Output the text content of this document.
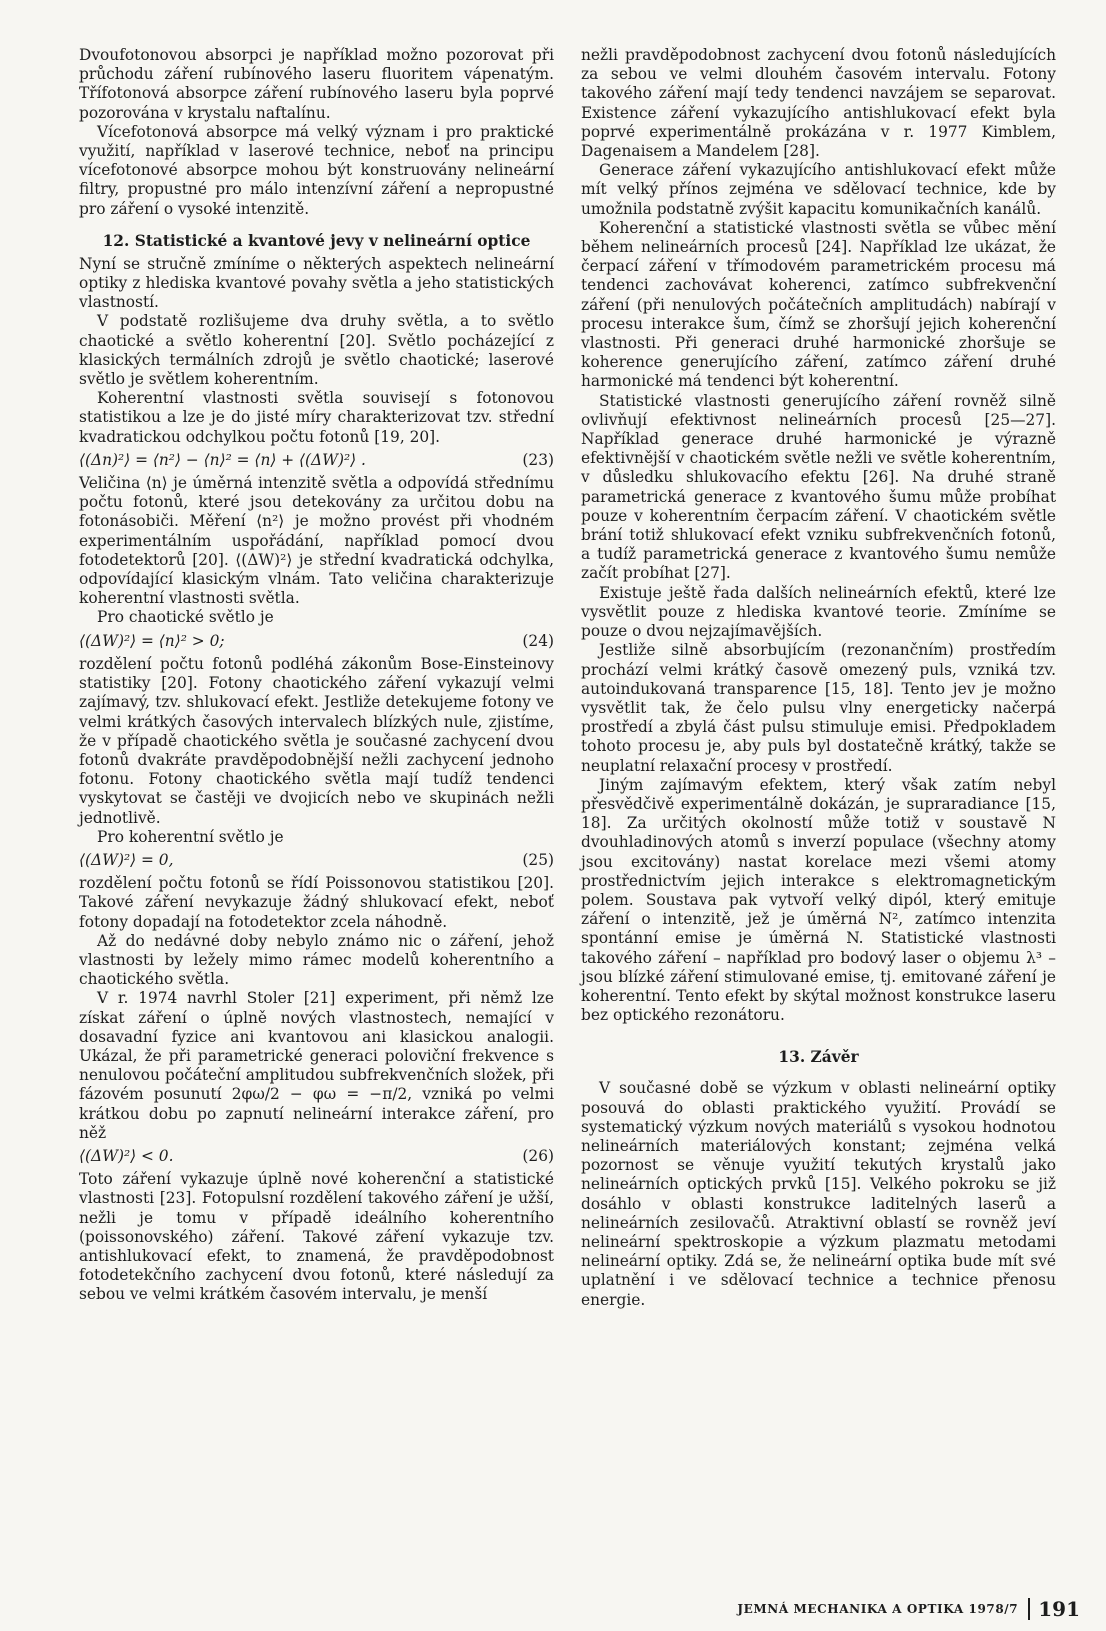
Dvoufotonovou absorpci je například možno pozorovat při průchodu záření rubínového laseru fluoritem vápenatým. Třífotonová absorpce záření rubínového laseru byla poprvé pozorována v krystalu naftalínu.

Vícefotonová absorpce má velký význam i pro praktické využití, například v laserové technice, neboť na principu vícefotonové absorpce mohou být konstruovány nelineární filtry, propustné pro málo intenzívní záření a nepropustné pro záření o vysoké intenzitě.

12. Statistické a kvantové jevy v nelineární optice

Nyní se stručně zmíníme o některých aspektech nelineární optiky z hlediska kvantové povahy světla a jeho statistických vlastností.

V podstatě rozlišujeme dva druhy světla, a to světlo chaotické a světlo koherentní [20]. Světlo pocházející z klasických termálních zdrojů je světlo chaotické; laserové světlo je světlem koherentním.

Koherentní vlastnosti světla souvisejí s fotonovou statistikou a lze je do jisté míry charakterizovat tzv. střední kvadratickou odchylkou počtu fotonů [19, 20].

⟨(Δn)²⟩ = ⟨n²⟩ − ⟨n⟩² = ⟨n⟩ + ⟨(ΔW)²⟩ .	(23)

Veličina ⟨n⟩ je úměrná intenzitě světla a odpovídá střednímu počtu fotonů, které jsou detekovány za určitou dobu na fotonásobiči. Měření ⟨n²⟩ je možno provést při vhodném experimentálním uspořádání, například pomocí dvou fotodetektorů [20]. ⟨(ΔW)²⟩ je střední kvadratická odchylka, odpovídající klasickým vlnám. Tato veličina charakterizuje koherentní vlastnosti světla.

Pro chaotické světlo je

⟨(ΔW)²⟩ = ⟨n⟩² > 0;	(24)

rozdělení počtu fotonů podléhá zákonům Bose-Einsteinovy statistiky [20]. Fotony chaotického záření vykazují velmi zajímavý, tzv. shlukovací efekt. Jestliže detekujeme fotony ve velmi krátkých časových intervalech blízkých nule, zjistíme, že v případě chaotického světla je současné zachycení dvou fotonů dvakráte pravděpodobnější nežli zachycení jednoho fotonu. Fotony chaotického světla mají tudíž tendenci vyskytovat se častěji ve dvojicích nebo ve skupinách nežli jednotlivě.

Pro koherentní světlo je

⟨(ΔW)²⟩ = 0,	(25)

rozdělení počtu fotonů se řídí Poissonovou statistikou [20]. Takové záření nevykazuje žádný shlukovací efekt, neboť fotony dopadají na fotodetektor zcela náhodně.

Až do nedávné doby nebylo známo nic o záření, jehož vlastnosti by ležely mimo rámec modelů koherentního a chaotického světla.

V r. 1974 navrhl Stoler [21] experiment, při němž lze získat záření o úplně nových vlastnostech, nemající v dosavadní fyzice ani kvantovou ani klasickou analogii. Ukázal, že při parametrické generaci poloviční frekvence s nenulovou počáteční amplitudou subfrekvenčních složek, při fázovém posunutí 2φω/2 − φω = −π/2, vzniká po velmi krátkou dobu po zapnutí nelineární interakce záření, pro něž

⟨(ΔW)²⟩ < 0.	(26)

Toto záření vykazuje úplně nové koherenční a statistické vlastnosti [23]. Fotopulsní rozdělení takového záření je užší, nežli je tomu v případě ideálního koherentního (poissonovského) záření. Takové záření vykazuje tzv. antishlukovací efekt, to znamená, že pravděpodobnost fotodetekčního zachycení dvou fotonů, které následují za sebou ve velmi krátkém časovém intervalu, je menší

nežli pravděpodobnost zachycení dvou fotonů následujících za sebou ve velmi dlouhém časovém intervalu. Fotony takového záření mají tedy tendenci navzájem se separovat. Existence záření vykazujícího antishlukovací efekt byla poprvé experimentálně prokázána v r. 1977 Kimblem, Dagenaisem a Mandelem [28].

Generace záření vykazujícího antishlukovací efekt může mít velký přínos zejména ve sdělovací technice, kde by umožnila podstatně zvýšit kapacitu komunikačních kanálů.

Koherenční a statistické vlastnosti světla se vůbec mění během nelineárních procesů [24]. Například lze ukázat, že čerpací záření v třímodovém parametrickém procesu má tendenci zachovávat koherenci, zatímco subfrekvenční záření (při nenulových počátečních amplitudách) nabírají v procesu interakce šum, čímž se zhoršují jejich koherenční vlastnosti. Při generaci druhé harmonické zhoršuje se koherence generujícího záření, zatímco záření druhé harmonické má tendenci být koherentní.

Statistické vlastnosti generujícího záření rovněž silně ovlivňují efektivnost nelineárních procesů [25—27]. Například generace druhé harmonické je výrazně efektivnější v chaotickém světle nežli ve světle koherentním, v důsledku shlukovacího efektu [26]. Na druhé straně parametrická generace z kvantového šumu může probíhat pouze v koherentním čerpacím záření. V chaotickém světle brání totiž shlukovací efekt vzniku subfrekvenčních fotonů, a tudíž parametrická generace z kvantového šumu nemůže začít probíhat [27].

Existuje ještě řada dalších nelineárních efektů, které lze vysvětlit pouze z hlediska kvantové teorie. Zmíníme se pouze o dvou nejzajímavějších.

Jestliže silně absorbujícím (rezonančním) prostředím prochází velmi krátký časově omezený puls, vzniká tzv. autoindukovaná transparence [15, 18]. Tento jev je možno vysvětlit tak, že čelo pulsu vlny energeticky načerpá prostředí a zbylá část pulsu stimuluje emisi. Předpokladem tohoto procesu je, aby puls byl dostatečně krátký, takže se neuplatní relaxační procesy v prostředí.

Jiným zajímavým efektem, který však zatím nebyl přesvědčivě experimentálně dokázán, je supraradiance [15, 18]. Za určitých okolností může totiž v soustavě N dvouhladinových atomů s inverzí populace (všechny atomy jsou excitovány) nastat korelace mezi všemi atomy prostřednictvím jejich interakce s elektromagnetickým polem. Soustava pak vytvoří velký dipól, který emituje záření o intenzitě, jež je úměrná N², zatímco intenzita spontánní emise je úměrná N. Statistické vlastnosti takového záření – například pro bodový laser o objemu λ³ – jsou blízké záření stimulované emise, tj. emitované záření je koherentní. Tento efekt by skýtal možnost konstrukce laseru bez optického rezonátoru.

13. Závěr

V současné době se výzkum v oblasti nelineární optiky posouvá do oblasti praktického využití. Provádí se systematický výzkum nových materiálů s vysokou hodnotou nelineárních materiálových konstant; zejména velká pozornost se věnuje využití tekutých krystalů jako nelineárních optických prvků [15]. Velkého pokroku se již dosáhlo v oblasti konstrukce laditelných laserů a nelineárních zesilovačů. Atraktivní oblastí se rovněž jeví nelineární spektroskopie a výzkum plazmatu metodami nelineární optiky. Zdá se, že nelineární optika bude mít své uplatnění i ve sdělovací technice a technice přenosu energie.

JEMNÁ MECHANIKA A OPTIKA 1978/7 191
